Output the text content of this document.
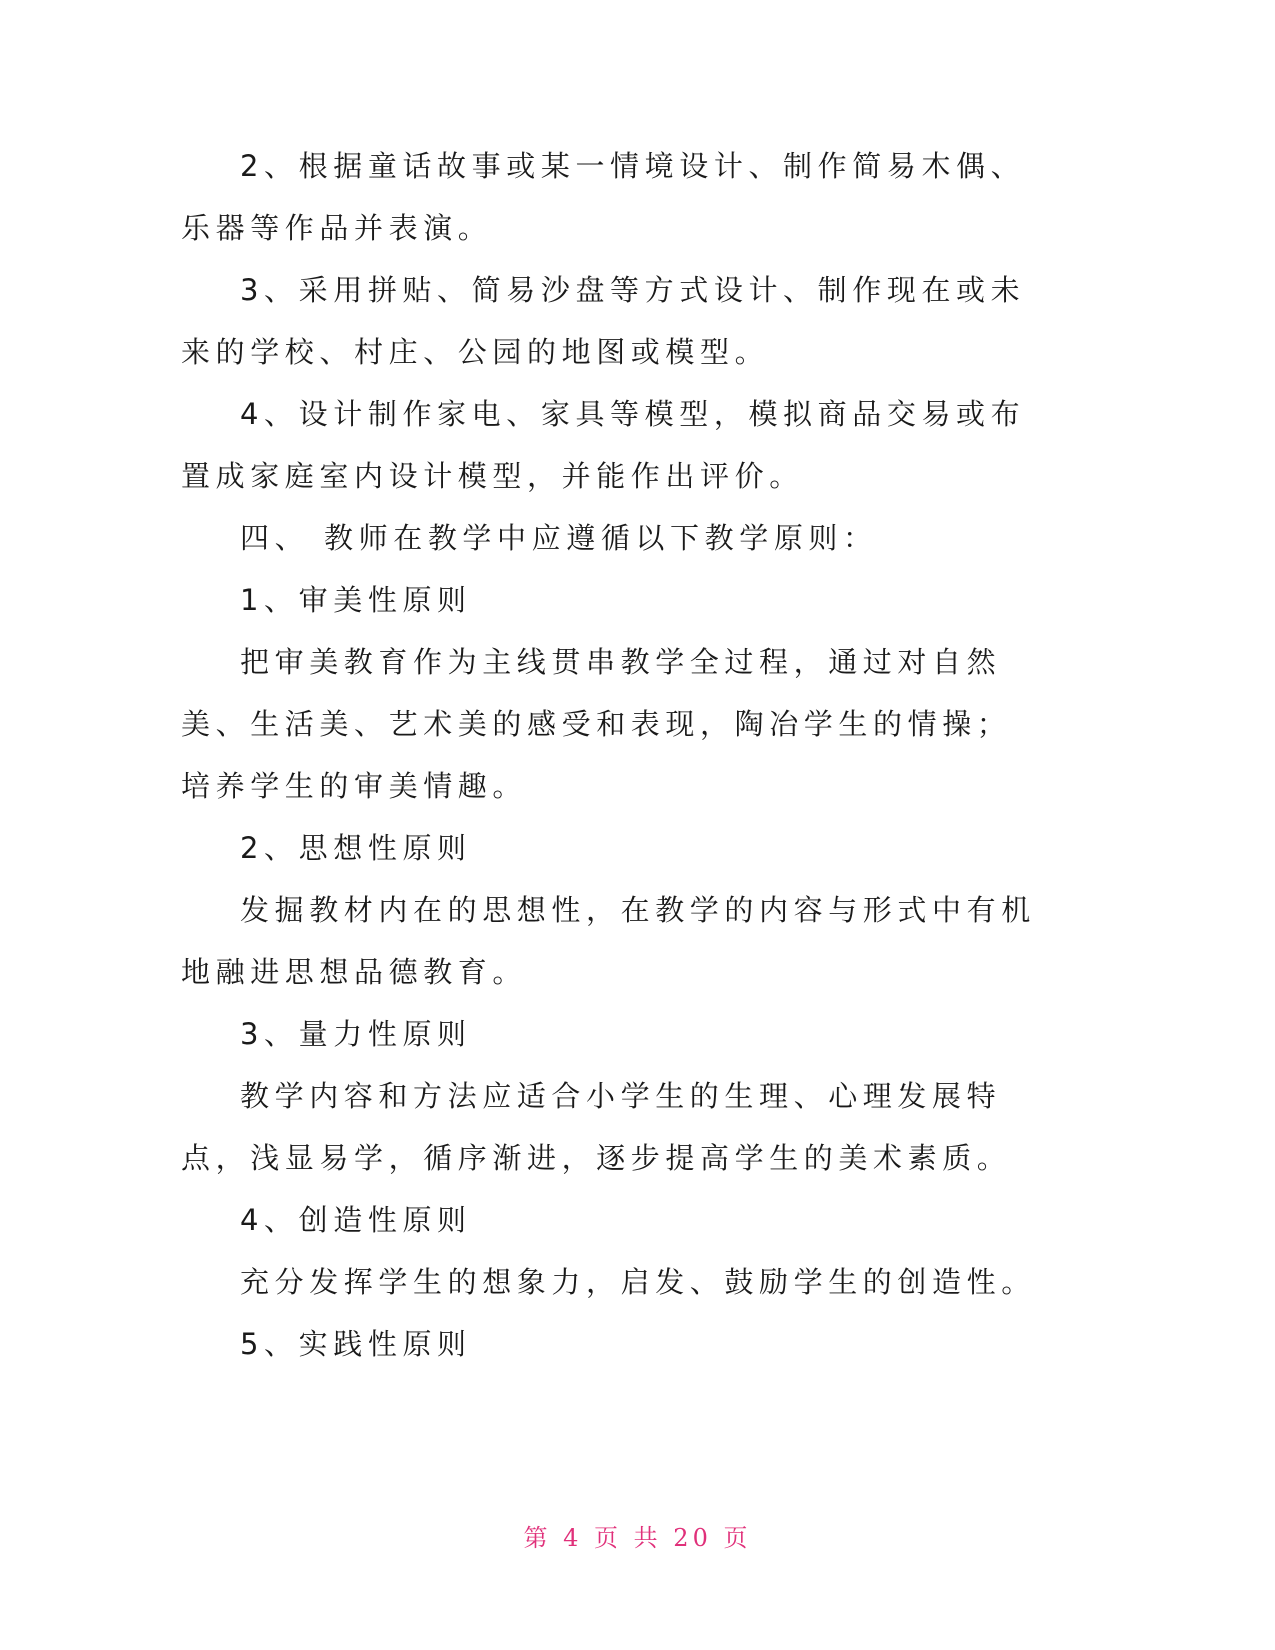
2、根据童话故事或某一情境设计、制作简易木偶、乐器等作品并表演。

3、采用拼贴、简易沙盘等方式设计、制作现在或未来的学校、村庄、公园的地图或模型。

4、设计制作家电、家具等模型，模拟商品交易或布置成家庭室内设计模型，并能作出评价。

四、 教师在教学中应遵循以下教学原则：

1、审美性原则

把审美教育作为主线贯串教学全过程，通过对自然美、生活美、艺术美的感受和表现，陶冶学生的情操；培养学生的审美情趣。

2、思想性原则

发掘教材内在的思想性，在教学的内容与形式中有机地融进思想品德教育。

3、量力性原则

教学内容和方法应适合小学生的生理、心理发展特点，浅显易学，循序渐进，逐步提高学生的美术素质。

4、创造性原则

充分发挥学生的想象力，启发、鼓励学生的创造性。

5、实践性原则

第 4 页 共 20 页
